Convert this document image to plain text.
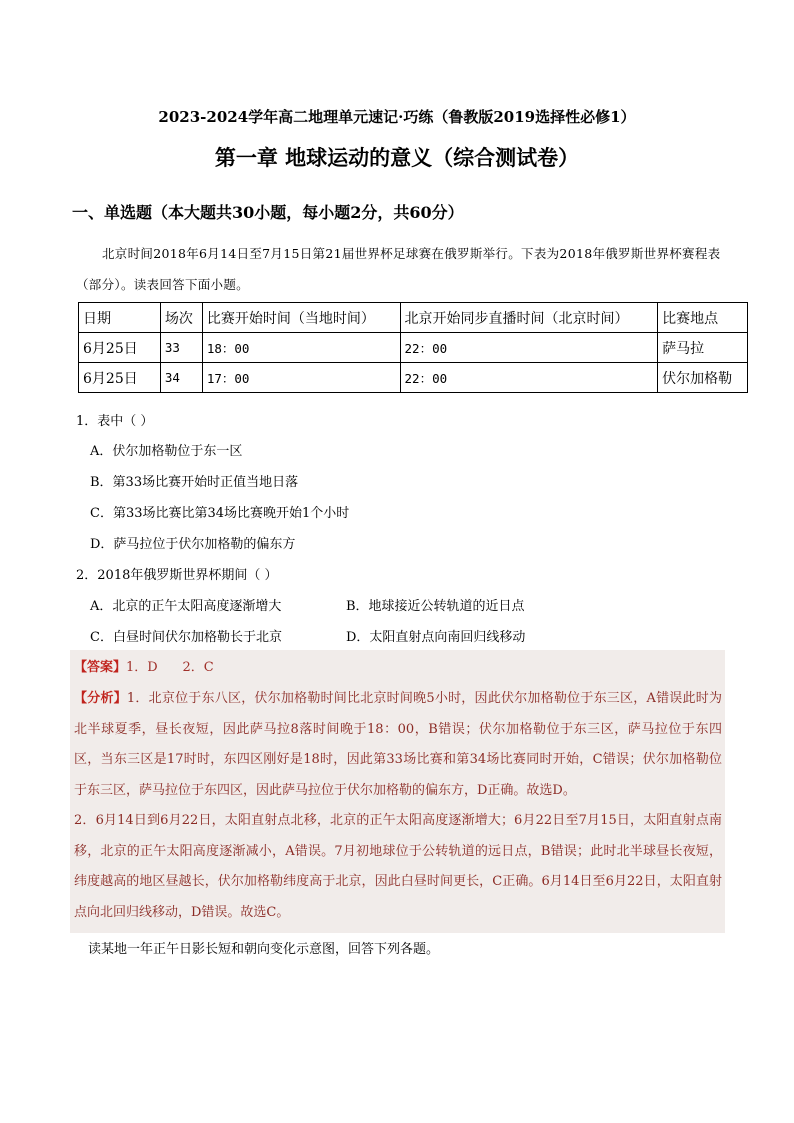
2023-2024学年高二地理单元速记·巧练（鲁教版2019选择性必修1）
第一章 地球运动的意义（综合测试卷）
一、单选题（本大题共30小题，每小题2分，共60分）
北京时间2018年6月14日至7月15日第21届世界杯足球赛在俄罗斯举行。下表为2018年俄罗斯世界杯赛程表（部分）。读表回答下面小题。
日期	场次	比赛开始时间（当地时间）	北京开始同步直播时间（北京时间）	比赛地点
6月25日	33	18：00	22：00	萨马拉
6月25日	34	17：00	22：00	伏尔加格勒
1．表中（ ）
A．伏尔加格勒位于东一区
B．第33场比赛开始时正值当地日落
C．第33场比赛比第34场比赛晚开始1个小时
D．萨马拉位于伏尔加格勒的偏东方
2．2018年俄罗斯世界杯期间（ ）
A．北京的正午太阳高度逐渐增大	B．地球接近公转轨道的近日点
C．白昼时间伏尔加格勒长于北京	D．太阳直射点向南回归线移动
【答案】1．D      2．C

【分析】1．北京位于东八区，伏尔加格勒时间比北京时间晚5小时，因此伏尔加格勒位于东三区，A错误此时为北半球夏季，昼长夜短，因此萨马拉8落时间晚于18：00，B错误；伏尔加格勒位于东三区，萨马拉位于东四区，当东三区是17时时，东四区刚好是18时，因此第33场比赛和第34场比赛同时开始，C错误；伏尔加格勒位于东三区，萨马拉位于东四区，因此萨马拉位于伏尔加格勒的偏东方，D正确。故选D。

2．6月14日到6月22日，太阳直射点北移，北京的正午太阳高度逐渐增大；6月22日至7月15日，太阳直射点南移，北京的正午太阳高度逐渐减小，A错误。7月初地球位于公转轨道的远日点，B错误；此时北半球昼长夜短，纬度越高的地区昼越长，伏尔加格勒纬度高于北京，因此白昼时间更长，C正确。6月14日至6月22日，太阳直射点向北回归线移动，D错误。故选C。

读某地一年正午日影长短和朝向变化示意图，回答下列各题。
